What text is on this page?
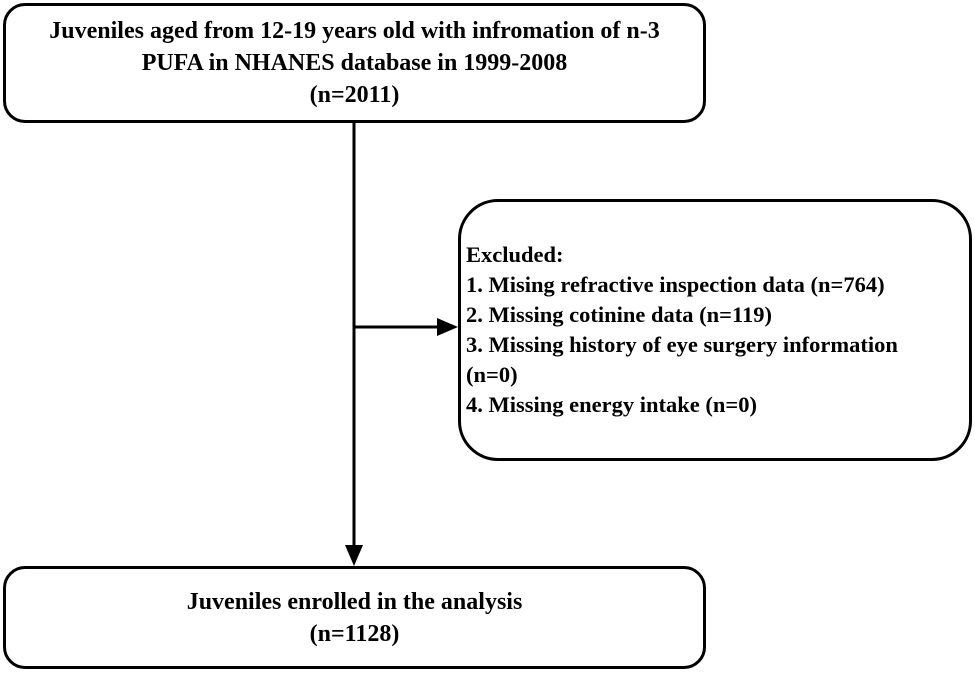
Juveniles aged from 12-19 years old with infromation of n-3
PUFA in NHANES database in 1999-2008
(n=2011)
Excluded:
1. Mising refractive inspection data (n=764)
2. Missing cotinine data (n=119)
3. Missing history of eye surgery information
(n=0)
4. Missing energy intake (n=0)
Juveniles enrolled in the analysis
(n=1128)
